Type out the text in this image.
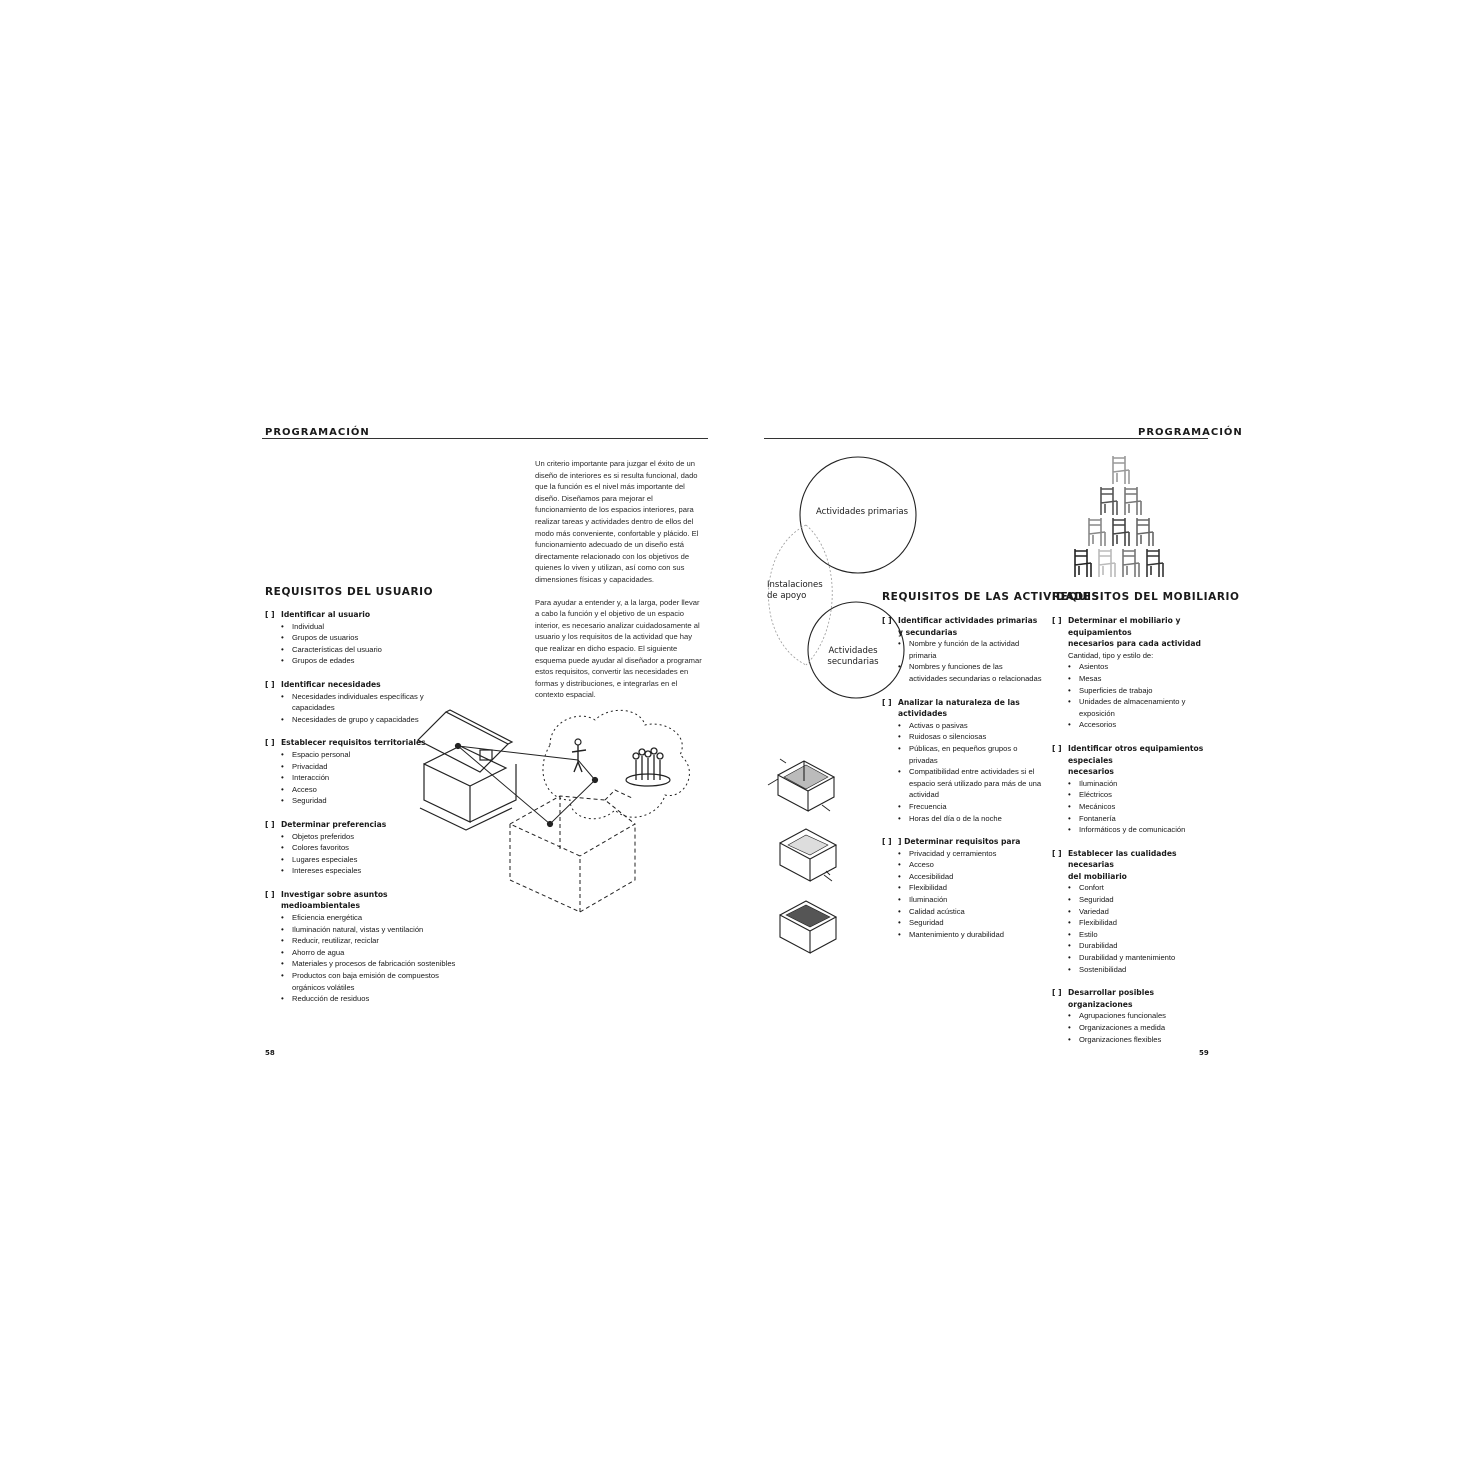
PROGRAMACIÓN	PROGRAMACIÓN

Un criterio importante para juzgar el éxito de un diseño de interiores es si resulta funcional, dado que la función es el nivel más importante del diseño. Diseñamos para mejorar el funcionamiento de los espacios interiores, para realizar tareas y actividades dentro de ellos del modo más conveniente, confortable y plácido. El funcionamiento adecuado de un diseño está directamente relacionado con los objetivos de quienes lo viven y utilizan, así como con sus dimensiones físicas y capacidades.

Para ayudar a entender y, a la larga, poder llevar a cabo la función y el objetivo de un espacio interior, es necesario analizar cuidadosamente al usuario y los requisitos de la actividad que hay que realizar en dicho espacio. El siguiente esquema puede ayudar al diseñador a programar estos requisitos, convertir las necesidades en formas y distribuciones, e integrarlas en el contexto espacial.

REQUISITOS DEL USUARIO
[ ] Identificar al usuario
• Individual
• Grupos de usuarios
• Características del usuario
• Grupos de edades
[ ] Identificar necesidades
• Necesidades individuales específicas y capacidades
• Necesidades de grupo y capacidades
[ ] Establecer requisitos territoriales
• Espacio personal
• Privacidad
• Interacción
• Acceso
• Seguridad
[ ] Determinar preferencias
• Objetos preferidos
• Colores favoritos
• Lugares especiales
• Intereses especiales
[ ] Investigar sobre asuntos medioambientales
• Eficiencia energética
• Iluminación natural, vistas y ventilación
• Reducir, reutilizar, reciclar
• Ahorro de agua
• Materiales y procesos de fabricación sostenibles
• Productos con baja emisión de compuestos orgánicos volátiles
• Reducción de residuos
Actividades primarias
Instalaciones
de apoyo
Actividades
secundarias
REQUISITOS DE LAS ACTIVIDADES
[ ] Identificar actividades primarias
y secundarias
• Nombre y función de la actividad primaria
• Nombres y funciones de las actividades secundarias o relacionadas
[ ] Analizar la naturaleza de las actividades
• Activas o pasivas
• Ruidosas o silenciosas
• Públicas, en pequeños grupos o privadas
• Compatibilidad entre actividades si el espacio será utilizado para más de una actividad
• Frecuencia
• Horas del día o de la noche
[ ] ] Determinar requisitos para
• Privacidad y cerramientos
• Acceso
• Accesibilidad
• Flexibilidad
• Iluminación
• Calidad acústica
• Seguridad
• Mantenimiento y durabilidad
REQUISITOS DEL MOBILIARIO
[ ] Determinar el mobiliario y equipamientos
necesarios para cada actividad
Cantidad, tipo y estilo de:
• Asientos
• Mesas
• Superficies de trabajo
• Unidades de almacenamiento y exposición
• Accesorios
[ ] Identificar otros equipamientos especiales
necesarios
• Iluminación
• Eléctricos
• Mecánicos
• Fontanería
• Informáticos y de comunicación
[ ] Establecer las cualidades necesarias
del mobiliario
• Confort
• Seguridad
• Variedad
• Flexibilidad
• Estilo
• Durabilidad
• Durabilidad y mantenimiento
• Sostenibilidad
[ ] Desarrollar posibles organizaciones
• Agrupaciones funcionales
• Organizaciones a medida
• Organizaciones flexibles
58	59
